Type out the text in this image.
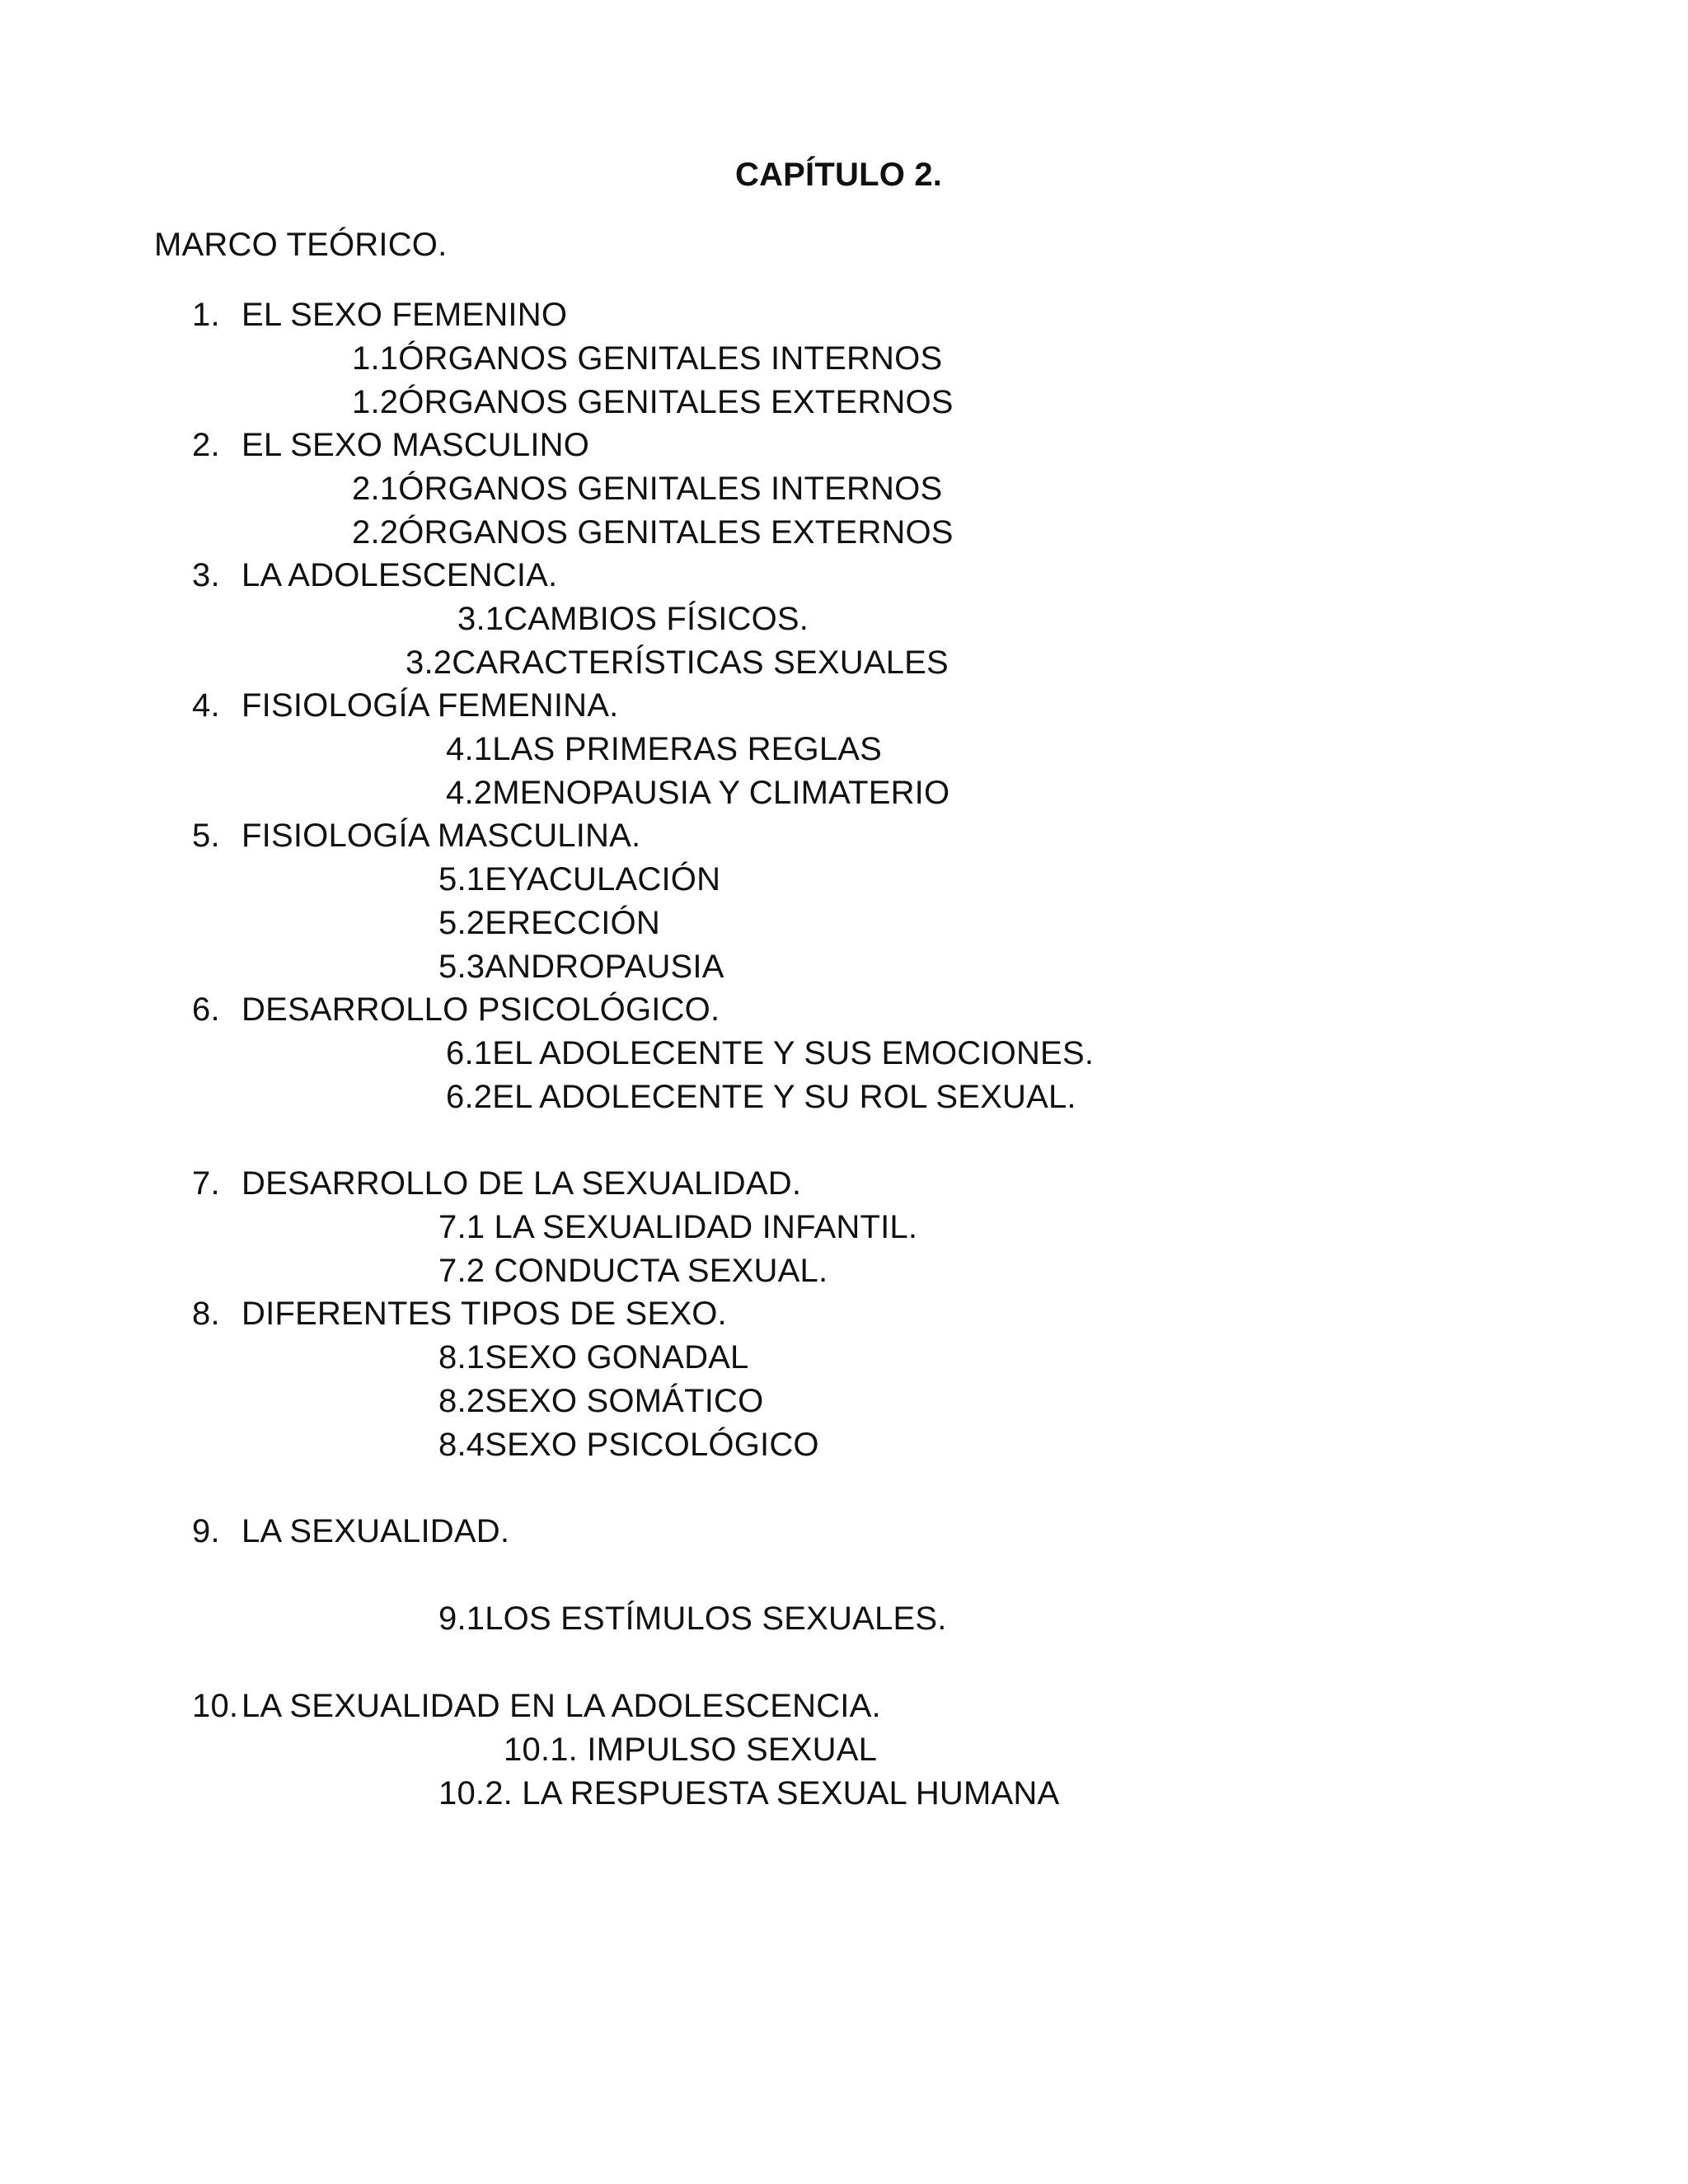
CAPÍTULO 2.
MARCO TEÓRICO.
1. EL SEXO FEMENINO
1.1ÓRGANOS GENITALES INTERNOS
1.2ÓRGANOS GENITALES EXTERNOS
2. EL SEXO MASCULINO
2.1ÓRGANOS GENITALES INTERNOS
2.2ÓRGANOS GENITALES EXTERNOS
3. LA ADOLESCENCIA.
3.1CAMBIOS FÍSICOS.
3.2CARACTERÍSTICAS SEXUALES
4. FISIOLOGÍA FEMENINA.
4.1LAS PRIMERAS REGLAS
4.2MENOPAUSIA Y CLIMATERIO
5. FISIOLOGÍA MASCULINA.
5.1EYACULACIÓN
5.2ERECCIÓN
5.3ANDROPAUSIA
6. DESARROLLO PSICOLÓGICO.
6.1EL ADOLECENTE Y SUS EMOCIONES.
6.2EL ADOLECENTE Y SU ROL SEXUAL.
7. DESARROLLO DE LA SEXUALIDAD.
7.1 LA SEXUALIDAD INFANTIL.
7.2 CONDUCTA SEXUAL.
8. DIFERENTES TIPOS DE SEXO.
8.1SEXO GONADAL
8.2SEXO SOMÁTICO
8.4SEXO PSICOLÓGICO
9. LA SEXUALIDAD.
9.1LOS ESTÍMULOS SEXUALES.
10.LA SEXUALIDAD EN LA ADOLESCENCIA.
10.1. IMPULSO SEXUAL
10.2. LA RESPUESTA SEXUAL HUMANA
